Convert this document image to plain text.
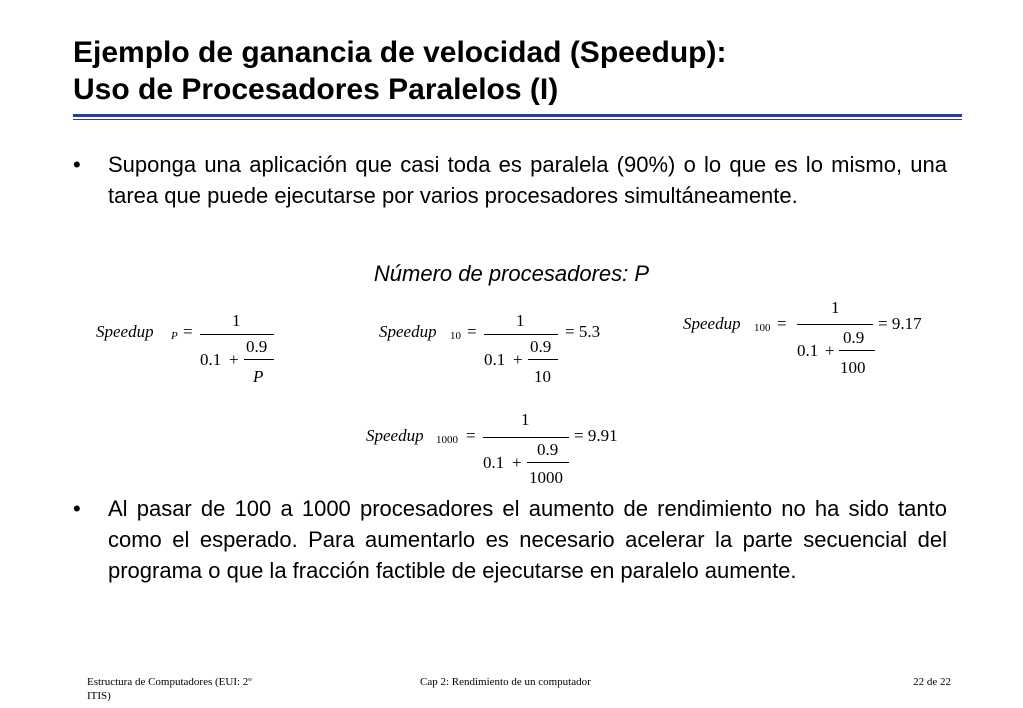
Ejemplo de ganancia de velocidad (Speedup):
Uso de Procesadores Paralelos (I)
• Suponga una aplicación que casi toda es paralela (90%) o lo que es lo mismo, una tarea que puede ejecutarse por varios procesadores simultáneamente.
Número de procesadores: P
Speedup P =
1
0.9
0.1 +
P
Speedup 10 =
1
0.9
0.1 +
10
= 5.3	Speedup 100 =
1
0.9
0.1 +
100
= 9.17
Speedup 1000 =
1
0.9
0.1 +
1000
= 9.91
• Al pasar de 100 a 1000 procesadores el aumento de rendimiento no ha sido tanto como el esperado. Para aumentarlo es necesario acelerar la parte secuencial del programa o que la fracción factible de ejecutarse en paralelo aumente.
Estructura de Computadores (EUI: 2º
ITIS)
Cap 2: Rendimiento de un computador	22 de 22
